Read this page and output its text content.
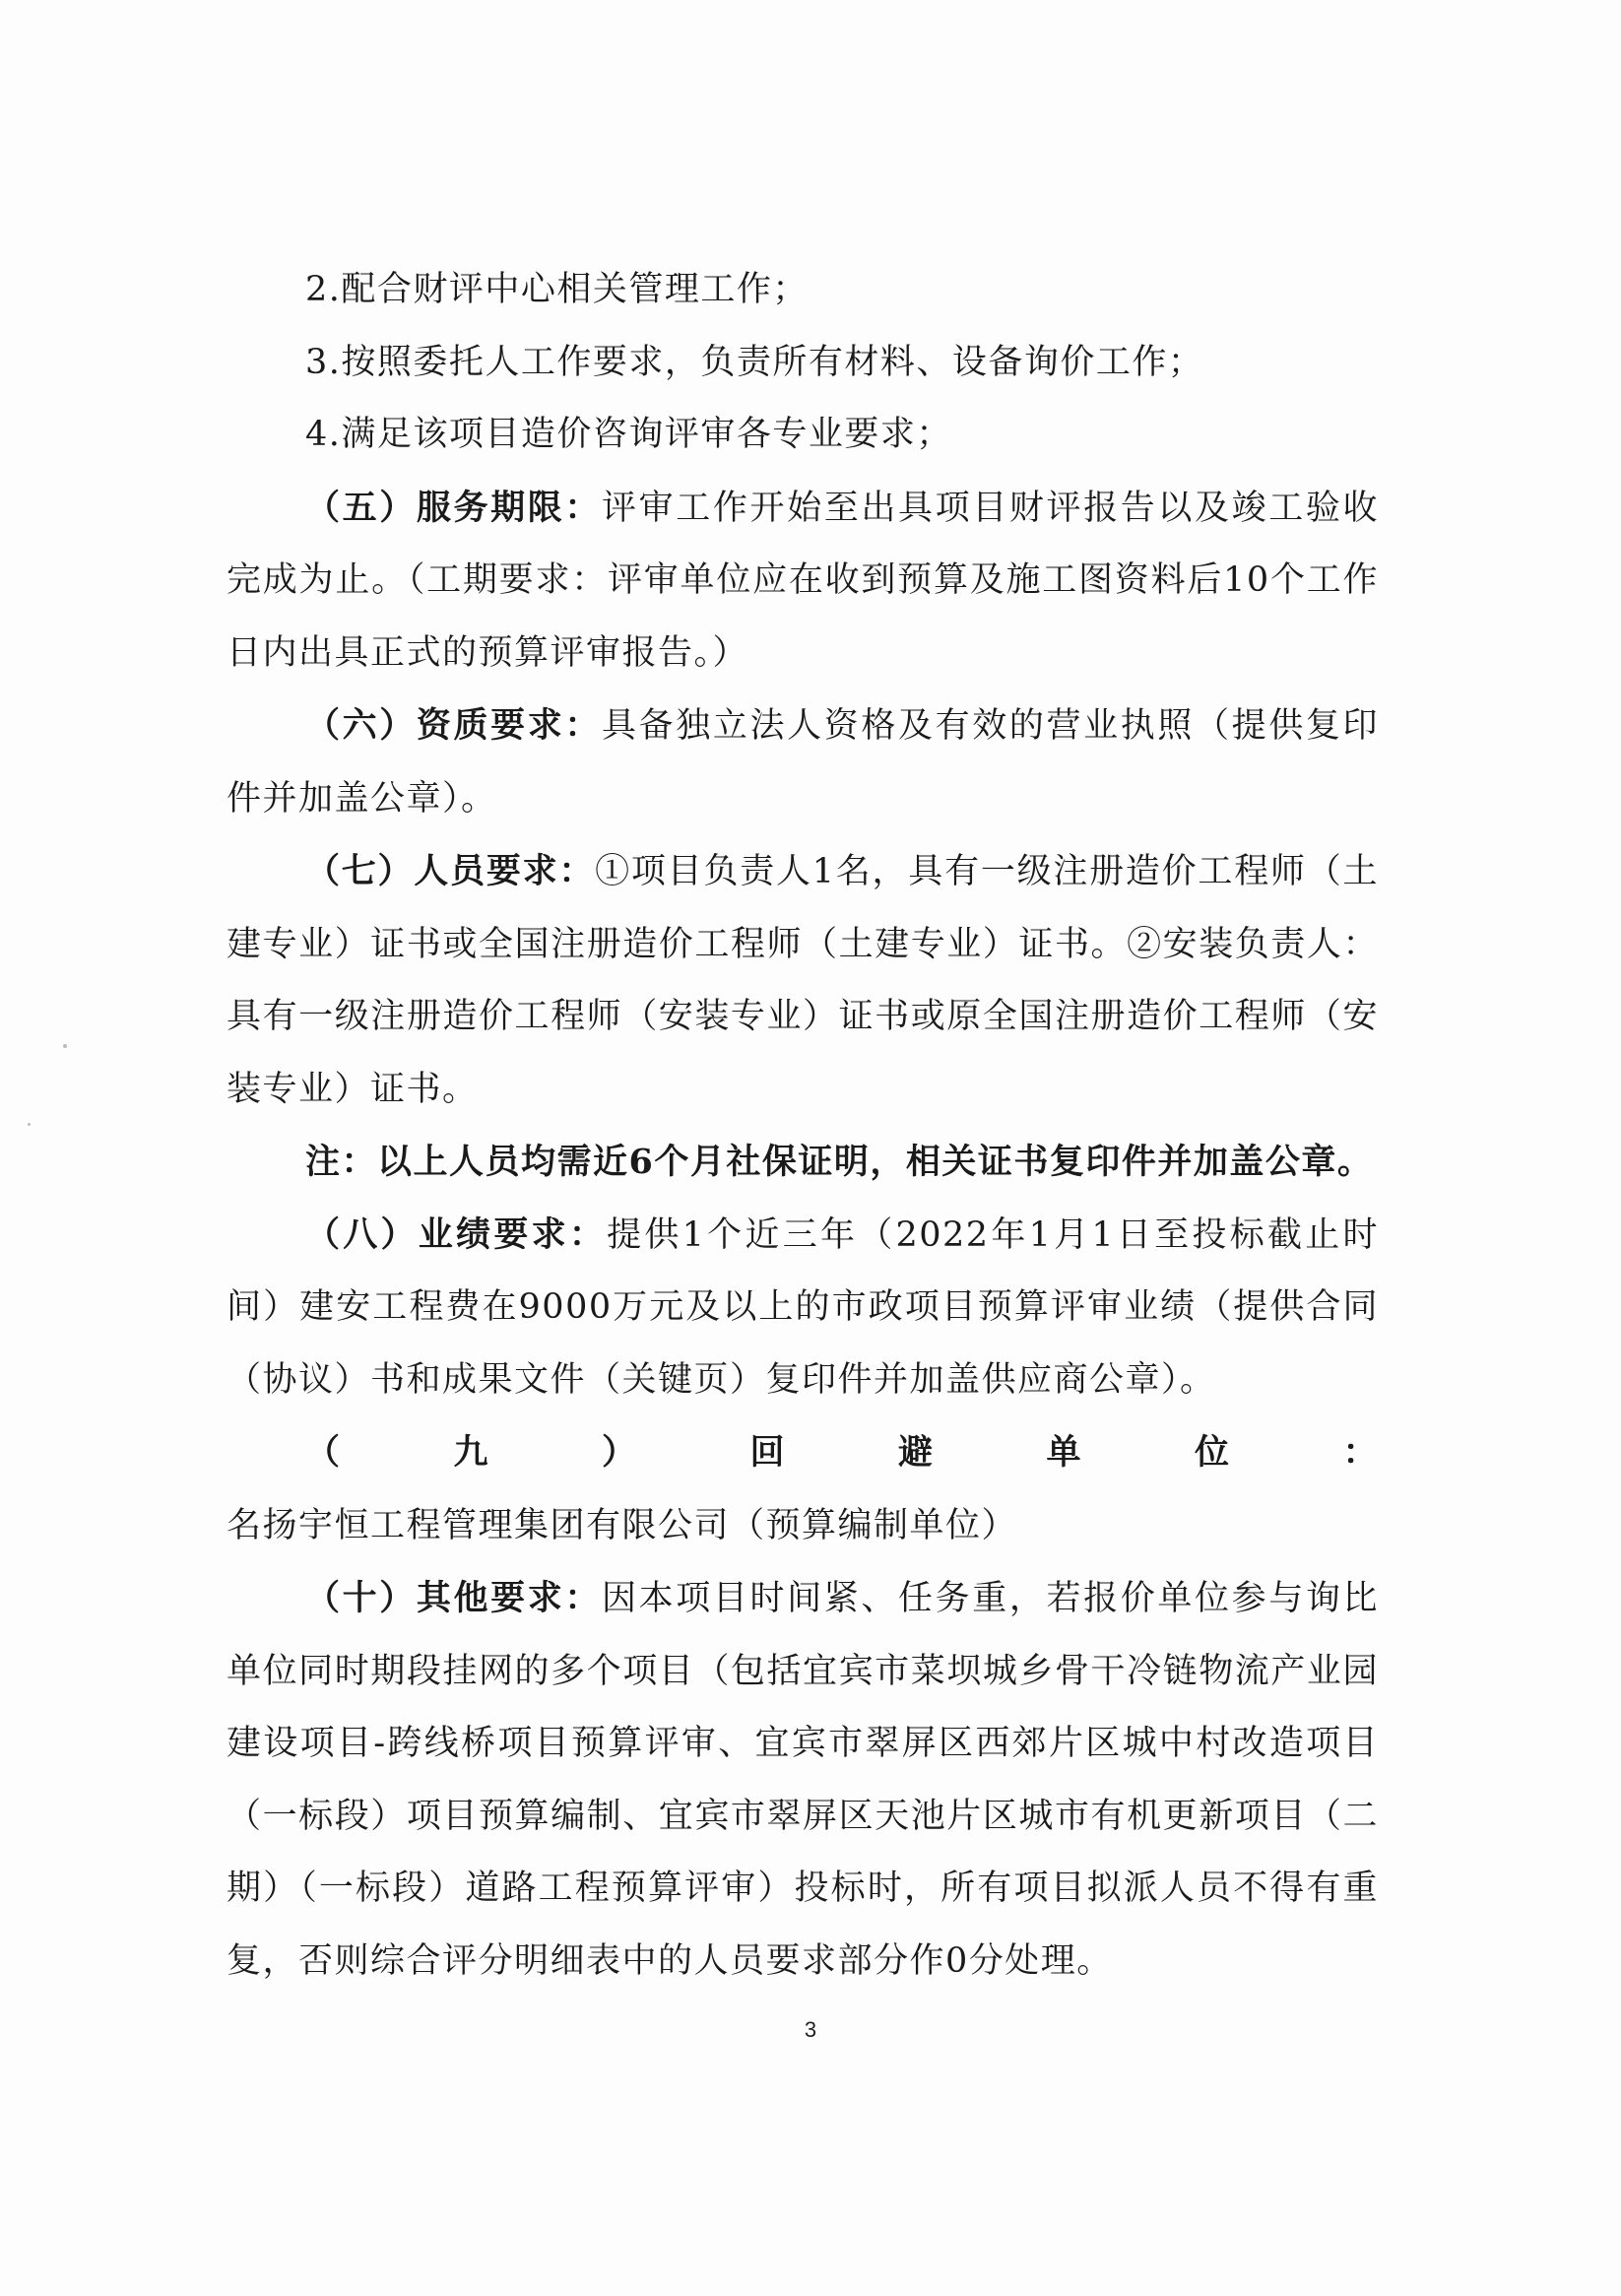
2.配合财评中心相关管理工作；

3.按照委托人工作要求，负责所有材料、设备询价工作；

4.满足该项目造价咨询评审各专业要求；

（五）服务期限：评审工作开始至出具项目财评报告以及竣工验收完成为止。（工期要求：评审单位应在收到预算及施工图资料后10个工作日内出具正式的预算评审报告。）

（六）资质要求：具备独立法人资格及有效的营业执照（提供复印件并加盖公章）。

（七）人员要求：①项目负责人1名，具有一级注册造价工程师（土建专业）证书或全国注册造价工程师（土建专业）证书。②安装负责人：具有一级注册造价工程师（安装专业）证书或原全国注册造价工程师（安装专业）证书。

注：以上人员均需近6个月社保证明，相关证书复印件并加盖公章。

（八）业绩要求：提供1个近三年（2022年1月1日至投标截止时间）建安工程费在9000万元及以上的市政项目预算评审业绩（提供合同（协议）书和成果文件（关键页）复印件并加盖供应商公章）。

（九）回避单位：名扬宇恒工程管理集团有限公司（预算编制单位）

（十）其他要求：因本项目时间紧、任务重，若报价单位参与询比单位同时期段挂网的多个项目（包括宜宾市菜坝城乡骨干冷链物流产业园建设项目-跨线桥项目预算评审、宜宾市翠屏区西郊片区城中村改造项目（一标段）项目预算编制、宜宾市翠屏区天池片区城市有机更新项目（二期）（一标段）道路工程预算评审）投标时，所有项目拟派人员不得有重复，否则综合评分明细表中的人员要求部分作0分处理。

3
